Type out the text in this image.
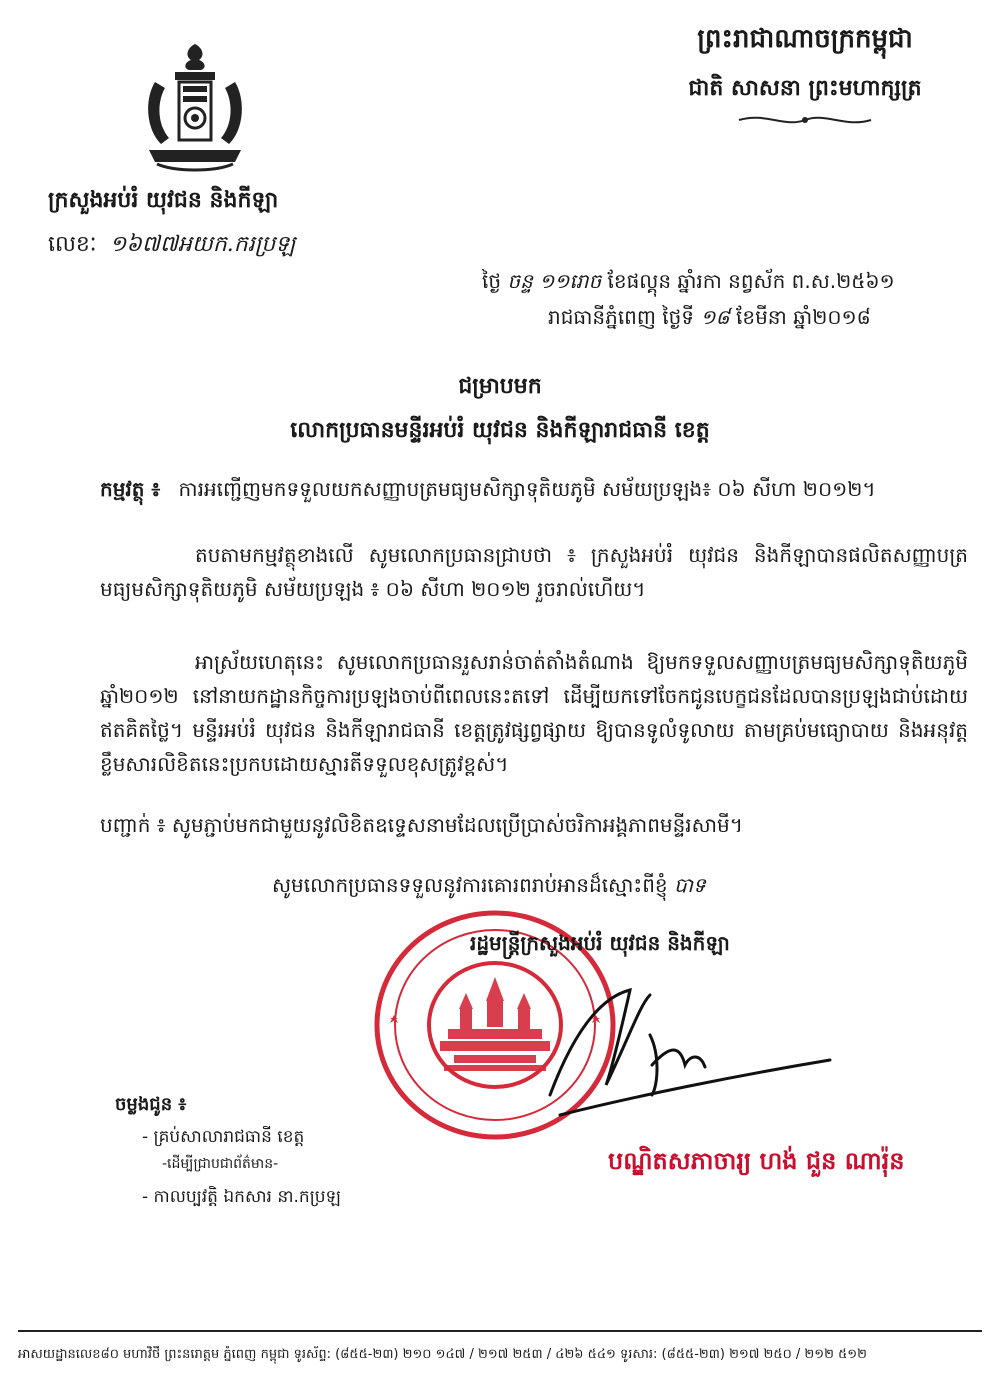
ព្រះរាជាណាចក្រកម្ពុជា
ជាតិ សាសនា ព្រះមហាក្សត្រ
ក្រសួងអប់រំ យុវជន និងកីឡា
លេខៈ ១៦៧៧អយក.ករប្រឡ
ថ្ងៃ ចន្ទ ១១រោច ខែផល្គុន ឆ្នាំរកា នព្វស័ក ព.ស.២៥៦១
រាជធានីភ្នំពេញ ថ្ងៃទី ១៨ ខែមីនា ឆ្នាំ២០១៨
ជម្រាបមក
លោកប្រធានមន្ទីរអប់រំ យុវជន និងកីឡារាជធានី ខេត្ត
កម្មវត្ថុ ៖ ការអញ្ជើញមកទទួលយកសញ្ញាបត្រមធ្យមសិក្សាទុតិយភូមិ សម័យប្រឡង៖ ០៦ សីហា ២០១២។
តបតាមកម្មវត្ថុខាងលើ សូមលោកប្រធានជ្រាបថា ៖ ក្រសួងអប់រំ យុវជន និងកីឡាបានផលិតសញ្ញាបត្រមធ្យមសិក្សាទុតិយភូមិ សម័យប្រឡង ៖ ០៦ សីហា ២០១២ រួចរាល់ហើយ។
អាស្រ័យហេតុនេះ សូមលោកប្រធានរួសរាន់ចាត់តាំងតំណាង ឱ្យមកទទួលសញ្ញាបត្រមធ្យមសិក្សាទុតិយភូមិ ឆ្នាំ២០១២ នៅនាយកដ្ឋានកិច្ចការប្រឡងចាប់ពីពេលនេះតទៅ ដើម្បីយកទៅចែកជូនបេក្ខជនដែលបានប្រឡងជាប់ដោយឥតគិតថ្លៃ។ មន្ទីរអប់រំ យុវជន និងកីឡារាជធានី ខេត្តត្រូវផ្សព្វផ្សាយ ឱ្យបានទូលំទូលាយ តាមគ្រប់មធ្យោបាយ និងអនុវត្តខ្លឹមសារលិខិតនេះប្រកបដោយស្មារតីទទួលខុសត្រូវខ្ពស់។
បញ្ជាក់ ៖ សូមភ្ជាប់មកជាមួយនូវលិខិតឧទ្ទេសនាមដែលប្រើប្រាស់ចរិកាអង្គភាពមន្ទីរសាមី។
សូមលោកប្រធានទទួលនូវការគោរពរាប់អានដ៏ស្មោះពីខ្ញុំ បាទ
រដ្ឋមន្ត្រីក្រសួងអប់រំ យុវជន និងកីឡា
បណ្ឌិតសភាចារ្យ ហង់ ជួន ណារ៉ុន
ចម្លងជូន ៖
- គ្រប់សាលារាជធានី ខេត្ត
-ដើម្បីជ្រាបជាព័ត៌មាន-
- កាលប្បវត្តិ ឯកសារ នា.កប្រឡ
អាសយដ្ឋានលេខ៨០ មហាវិថី ព្រះនរោត្តម ភ្នំពេញ កម្ពុជា ទូរស័ព្ទ: (៨៥៥-២៣) ២១០ ១៤៧ / ២១៧ ២៥៣ / ៤២៦ ៥៤១ ទូរសារ: (៨៥៥-២៣) ២១៧ ២៥០ / ២១២ ៥១២
